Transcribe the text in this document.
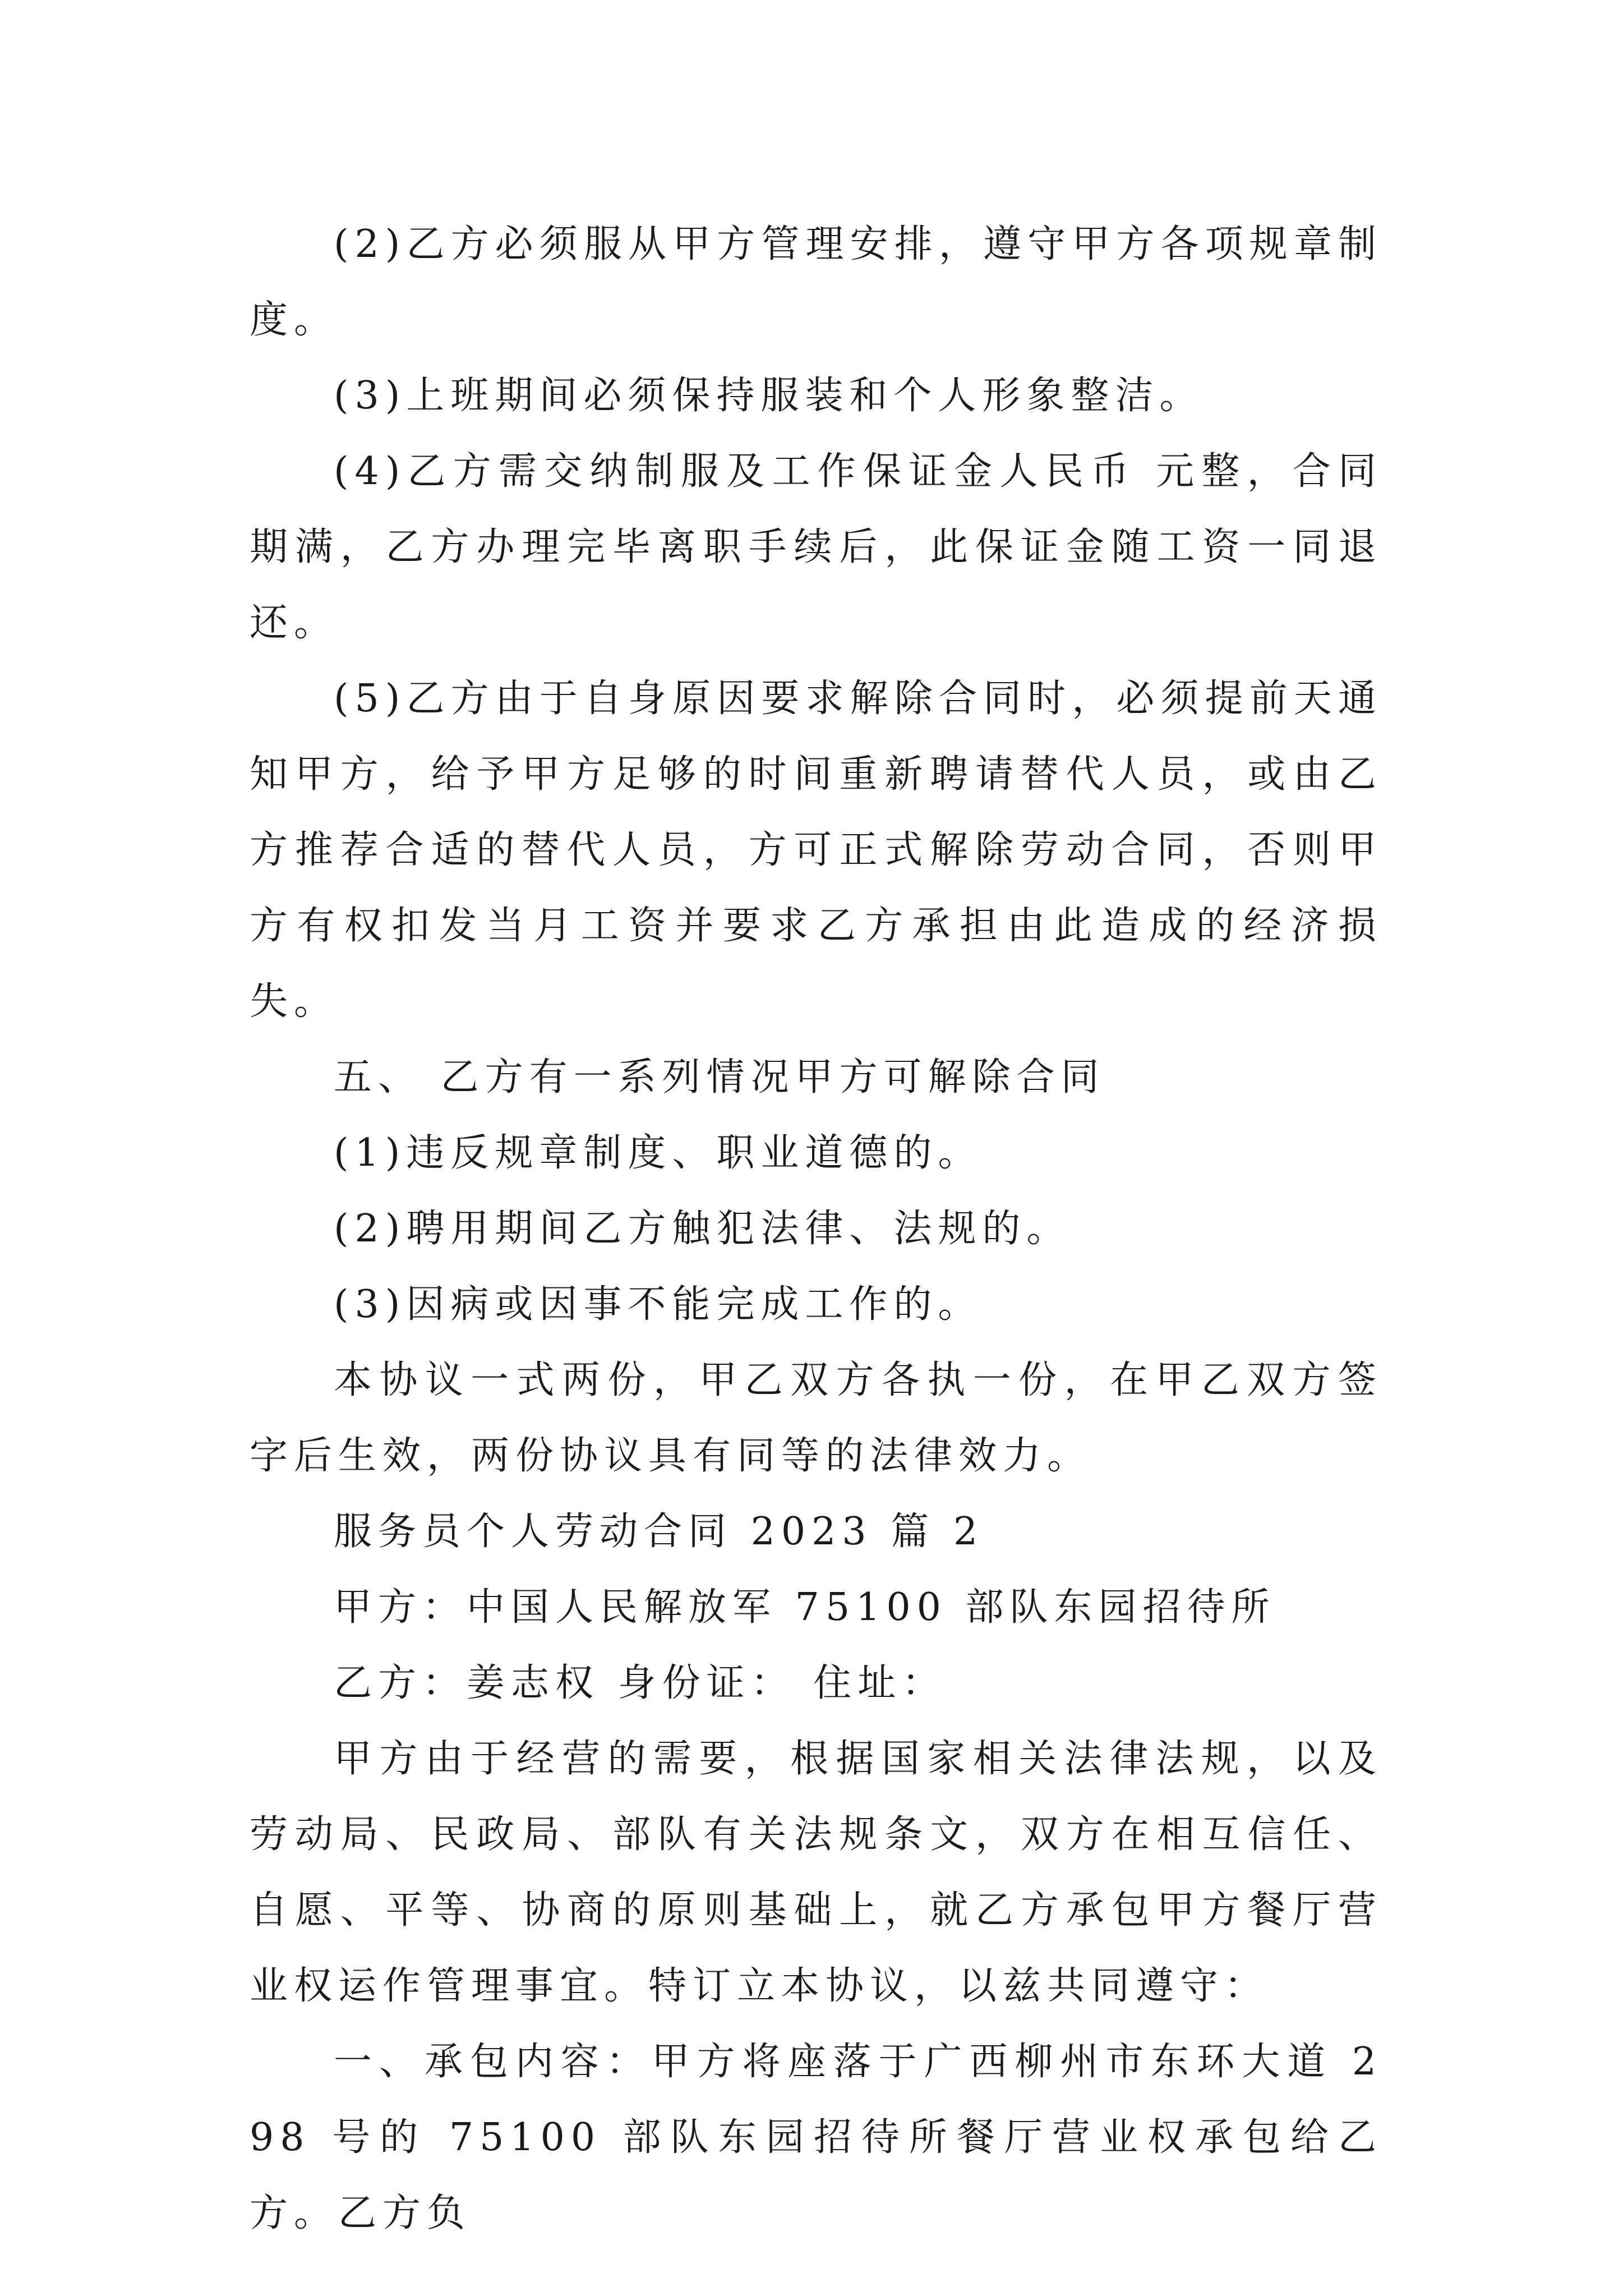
(2)乙方必须服从甲方管理安排，遵守甲方各项规章制度。

(3)上班期间必须保持服装和个人形象整洁。

(4)乙方需交纳制服及工作保证金人民币 元整，合同期满，乙方办理完毕离职手续后，此保证金随工资一同退还。

(5)乙方由于自身原因要求解除合同时，必须提前天通知甲方，给予甲方足够的时间重新聘请替代人员，或由乙方推荐合适的替代人员，方可正式解除劳动合同，否则甲方有权扣发当月工资并要求乙方承担由此造成的经济损失。

五、 乙方有一系列情况甲方可解除合同

(1)违反规章制度、职业道德的。

(2)聘用期间乙方触犯法律、法规的。

(3)因病或因事不能完成工作的。

本协议一式两份，甲乙双方各执一份，在甲乙双方签字后生效，两份协议具有同等的法律效力。

服务员个人劳动合同 2023 篇 2

甲方：中国人民解放军 75100 部队东园招待所

乙方：姜志权 身份证： 住址：

甲方由于经营的需要，根据国家相关法律法规，以及劳动局、民政局、部队有关法规条文，双方在相互信任、自愿、平等、协商的原则基础上，就乙方承包甲方餐厅营业权运作管理事宜。特订立本协议，以兹共同遵守：

一、承包内容：甲方将座落于广西柳州市东环大道 298 号的 75100 部队东园招待所餐厅营业权承包给乙方。乙方负
